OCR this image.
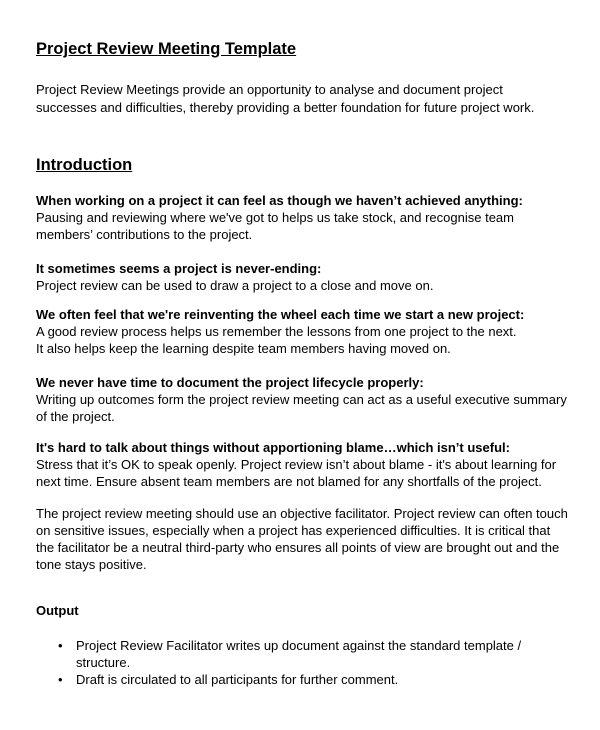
Project Review Meeting Template
Project Review Meetings provide an opportunity to analyse and document project successes and difficulties, thereby providing a better foundation for future project work.
Introduction
When working on a project it can feel as though we haven’t achieved anything:
Pausing and reviewing where we've got to helps us take stock, and recognise team members’ contributions to the project.
It sometimes seems a project is never-ending:
Project review can be used to draw a project to a close and move on.
We often feel that we're reinventing the wheel each time we start a new project:
A good review process helps us remember the lessons from one project to the next.
It also helps keep the learning despite team members having moved on.
We never have time to document the project lifecycle properly:
Writing up outcomes form the project review meeting can act as a useful executive summary of the project.
It's hard to talk about things without apportioning blame…which isn’t useful:
Stress that it’s OK to speak openly. Project review isn’t about blame - it's about learning for next time. Ensure absent team members are not blamed for any shortfalls of the project.
The project review meeting should use an objective facilitator. Project review can often touch on sensitive issues, especially when a project has experienced difficulties. It is critical that the facilitator be a neutral third-party who ensures all points of view are brought out and the tone stays positive.
Output
• Project Review Facilitator writes up document against the standard template / structure.
• Draft is circulated to all participants for further comment.
